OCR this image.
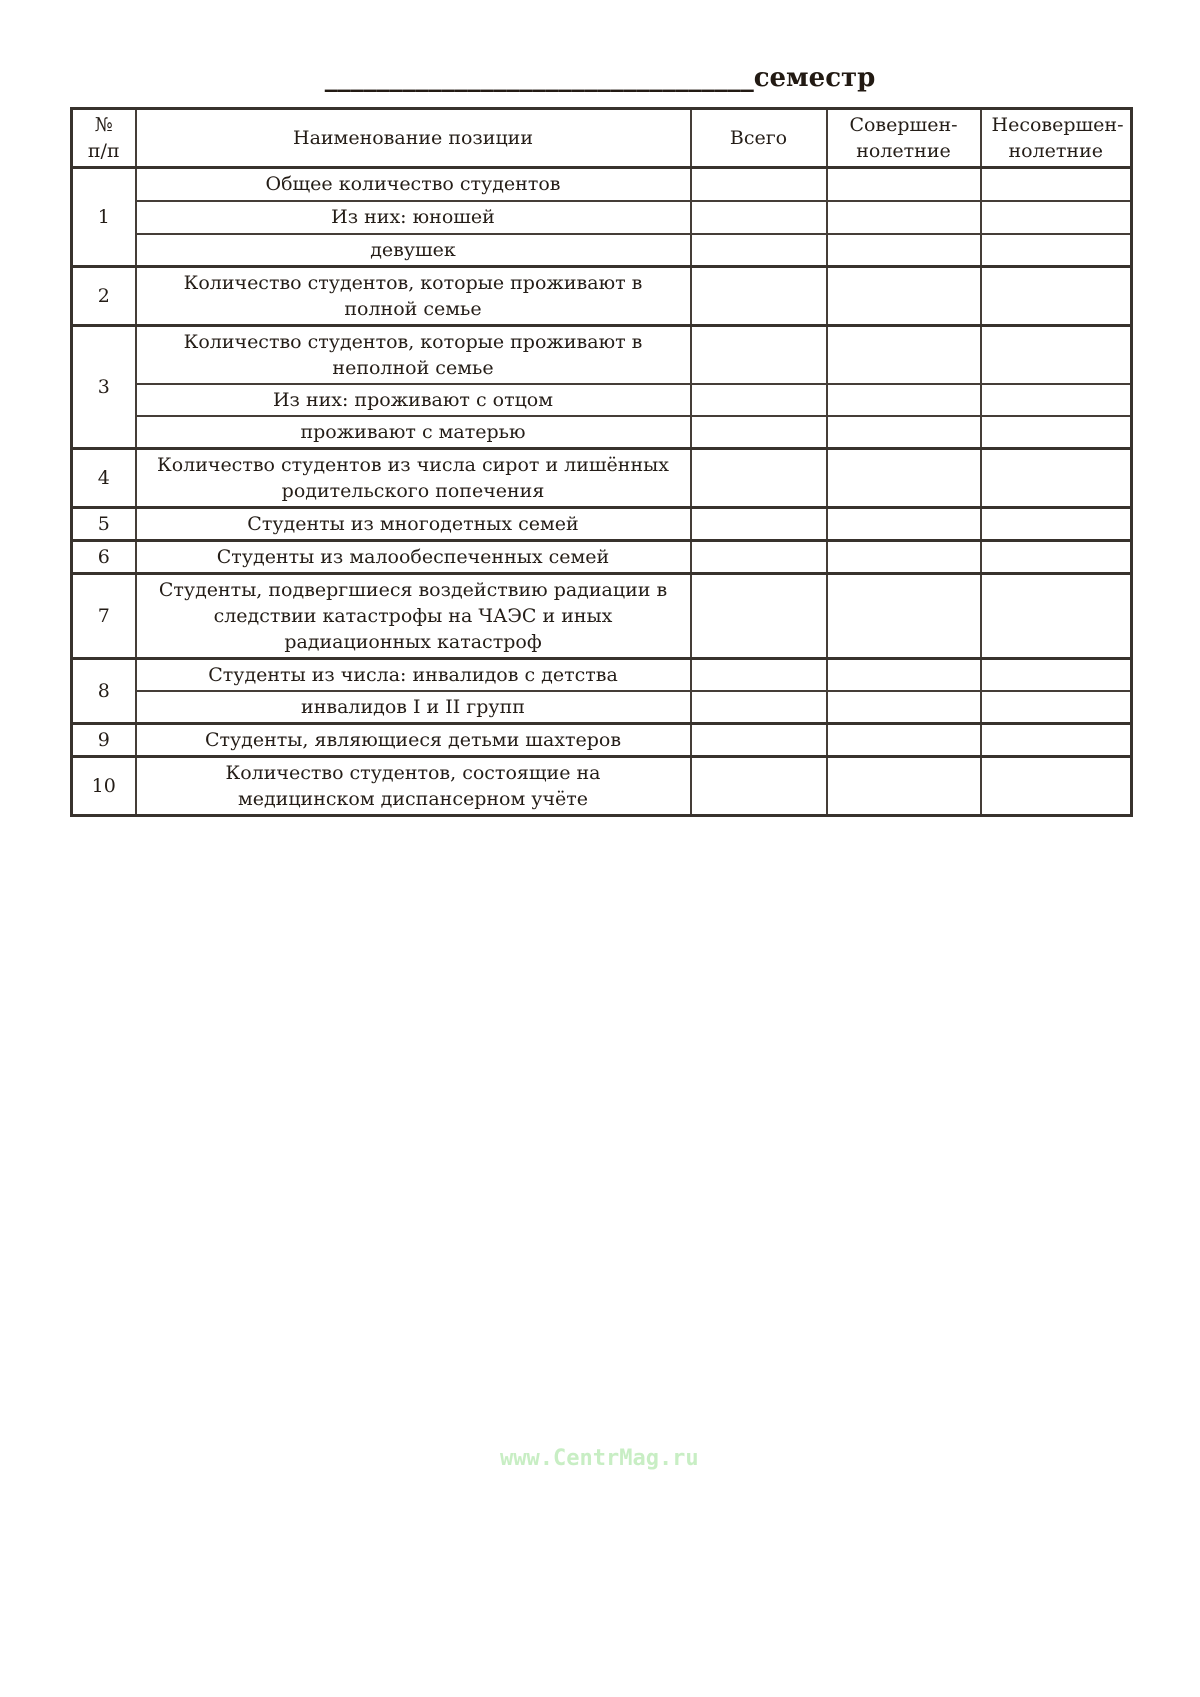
_________________________________семестр
№ п/п	Наименование позиции	Всего	Совершен-нолетние	Несовершен-нолетние
1	Общее количество студентов			
	Из них: юношей			
	девушек			
2	Количество студентов, которые проживают в полной семье			
3	Количество студентов, которые проживают в неполной семье			
	Из них: проживают с отцом			
	проживают с матерью			
4	Количество студентов из числа сирот и лишённых родительского попечения			
5	Студенты из многодетных семей			
6	Студенты из малообеспеченных семей			
7	Студенты, подвергшиеся воздействию радиации в следствии катастрофы на ЧАЭС и иных радиационных катастроф			
8	Студенты из числа: инвалидов с детства			
	инвалидов I и II групп			
9	Студенты, являющиеся детьми шахтеров			
10	Количество студентов, состоящие на медицинском диспансерном учёте			
www.CentrMag.ru
